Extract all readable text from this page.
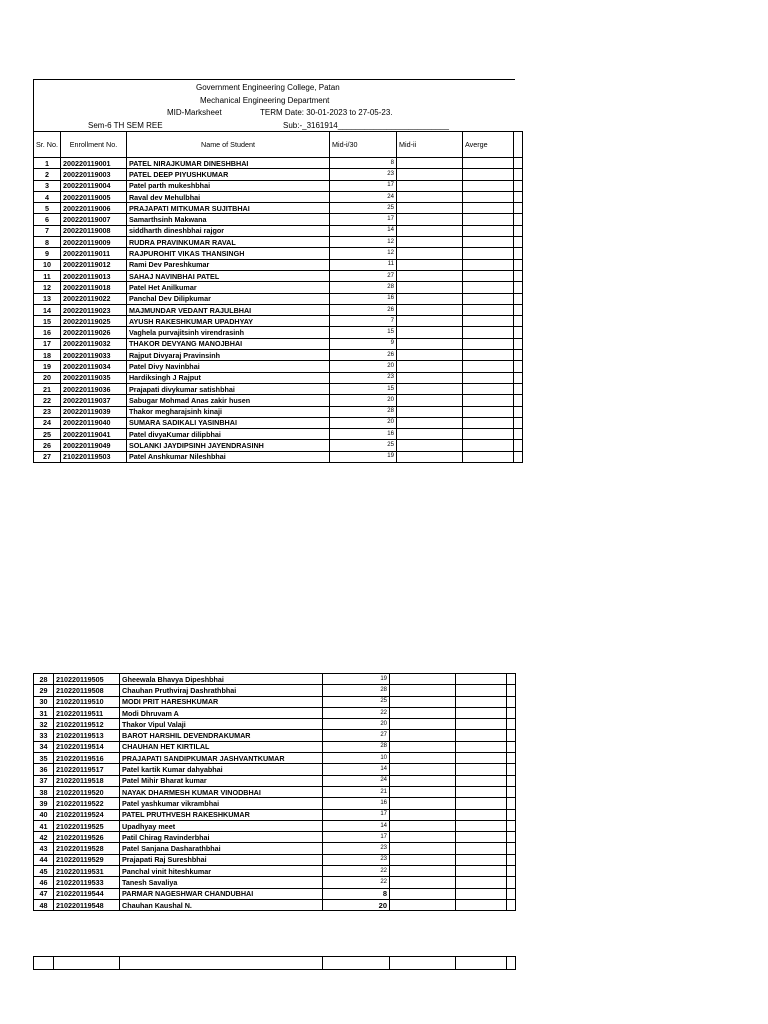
Government Engineering College, Patan
Mechanical Engineering Department
MID-Marksheet	TERM Date: 30-01-2023 to 27-05-23.
Sem-6 TH SEM REE	Sub:-_3161914_________________________
Sr. No.	Enrollment No.	Name of Student	Mid-i/30	Mid-ii	Averge	
1	200220119001	PATEL NIRAJKUMAR DINESHBHAI	8			
2	200220119003	PATEL DEEP PIYUSHKUMAR	23			
3	200220119004	Patel parth mukeshbhai	17			
4	200220119005	Raval dev Mehulbhai	24			
5	200220119006	PRAJAPATI MITKUMAR SUJITBHAI	25			
6	200220119007	Samarthsinh Makwana	17			
7	200220119008	siddharth dineshbhai rajgor	14			
8	200220119009	RUDRA PRAVINKUMAR RAVAL	12			
9	200220119011	RAJPUROHIT VIKAS THANSINGH	12			
10	200220119012	Rami Dev Pareshkumar	11			
11	200220119013	SAHAJ NAVINBHAI PATEL	27			
12	200220119018	Patel Het Anilkumar	28			
13	200220119022	Panchal Dev Dilipkumar	16			
14	200220119023	MAJMUNDAR VEDANT RAJULBHAI	26			
15	200220119025	AYUSH RAKESHKUMAR UPADHYAY	7			
16	200220119026	Vaghela purvajitsinh virendrasinh	15			
17	200220119032	THAKOR DEVYANG MANOJBHAI	9			
18	200220119033	Rajput Divyaraj Pravinsinh	26			
19	200220119034	Patel Divy Navinbhai	20			
20	200220119035	Hardiksingh J Rajput	23			
21	200220119036	Prajapati divykumar satishbhai	15			
22	200220119037	Sabugar Mohmad Anas zakir husen	20			
23	200220119039	Thakor megharajsinh kinaji	28			
24	200220119040	SUMARA SADIKALI YASINBHAI	20			
25	200220119041	Patel divyaKumar dilipbhai	16			
26	200220119049	SOLANKI JAYDIPSINH JAYENDRASINH	25			
27	210220119503	Patel Anshkumar Nileshbhai	19			
28	210220119505	Gheewala Bhavya Dipeshbhai	19			
29	210220119508	Chauhan Pruthviraj Dashrathbhai	28			
30	210220119510	MODI PRIT HARESHKUMAR	25			
31	210220119511	Modi Dhruvam A	22			
32	210220119512	Thakor Vipul Valaji	20			
33	210220119513	BAROT HARSHIL DEVENDRAKUMAR	27			
34	210220119514	CHAUHAN HET KIRTILAL	28			
35	210220119516	PRAJAPATI SANDIPKUMAR JASHVANTKUMAR	10			
36	210220119517	Patel kartik Kumar dahyabhai	14			
37	210220119518	Patel Mihir Bharat kumar	24			
38	210220119520	NAYAK DHARMESH KUMAR VINODBHAI	21			
39	210220119522	Patel yashkumar vikrambhai	16			
40	210220119524	PATEL PRUTHVESH RAKESHKUMAR	17			
41	210220119525	Upadhyay meet	14			
42	210220119526	Patil Chirag Ravinderbhai	17			
43	210220119528	Patel Sanjana Dasharathbhai	23			
44	210220119529	Prajapati Raj Sureshbhai	23			
45	210220119531	Panchal vinit hiteshkumar	22			
46	210220119533	Tanesh Savaliya	22			
47	210220119544	PARMAR NAGESHWAR CHANDUBHAI	8			
48	210220119548	Chauhan Kaushal N.	20			
